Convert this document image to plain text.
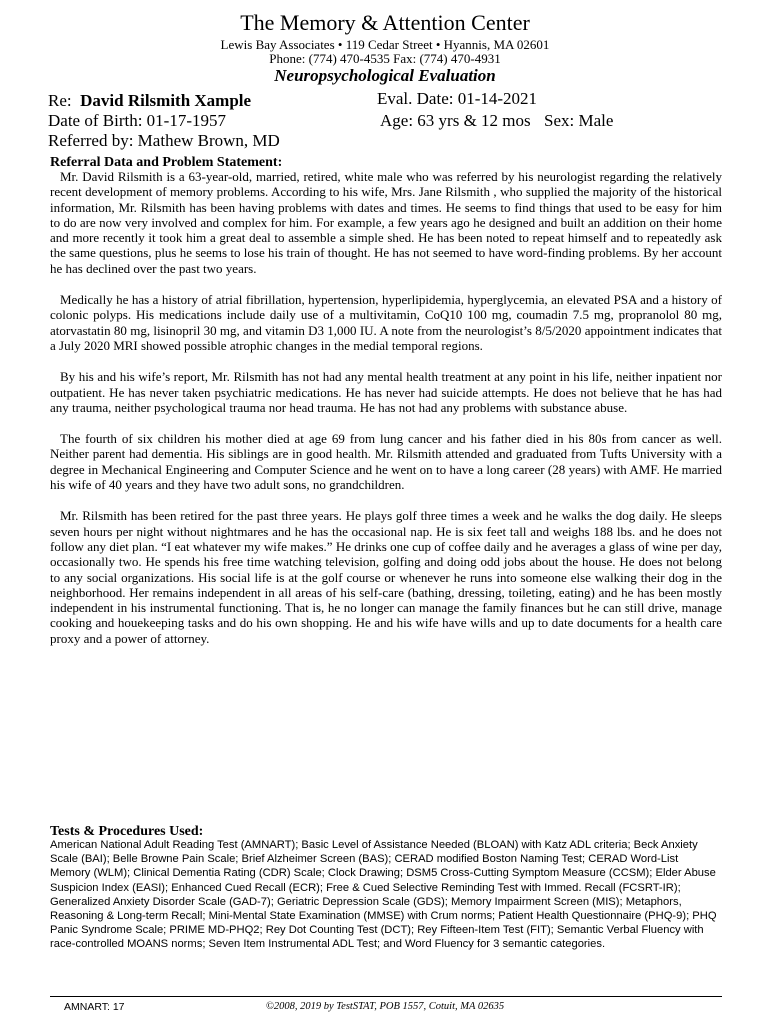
The Memory & Attention Center
Lewis Bay Associates • 119 Cedar Street • Hyannis, MA 02601
Phone: (774) 470-4535 Fax: (774) 470-4931
Neuropsychological Evaluation
Re: David Rilsmith Xample
Date of Birth: 01-17-1957
Referred by: Mathew Brown, MD
Eval. Date: 01-14-2021
Age: 63 yrs & 12 mos Sex: Male
Referral Data and Problem Statement:

Mr. David Rilsmith is a 63-year-old, married, retired, white male who was referred by his neurologist regarding the relatively recent development of memory problems. According to his wife, Mrs. Jane Rilsmith , who supplied the majority of the historical information, Mr. Rilsmith has been having problems with dates and times. He seems to find things that used to be easy for him to do are now very involved and complex for him. For example, a few years ago he designed and built an addition on their home and more recently it took him a great deal to assemble a simple shed. He has been noted to repeat himself and to repeatedly ask the same questions, plus he seems to lose his train of thought. He has not seemed to have word-finding problems. By her account he has declined over the past two years.

Medically he has a history of atrial fibrillation, hypertension, hyperlipidemia, hyperglycemia, an elevated PSA and a history of colonic polyps. His medications include daily use of a multivitamin, CoQ10 100 mg, coumadin 7.5 mg, propranolol 80 mg, atorvastatin 80 mg, lisinopril 30 mg, and vitamin D3 1,000 IU. A note from the neurologist’s 8/5/2020 appointment indicates that a July 2020 MRI showed possible atrophic changes in the medial temporal regions.

By his and his wife’s report, Mr. Rilsmith has not had any mental health treatment at any point in his life, neither inpatient nor outpatient. He has never taken psychiatric medications. He has never had suicide attempts. He does not believe that he has had any trauma, neither psychological trauma nor head trauma. He has not had any problems with substance abuse.

The fourth of six children his mother died at age 69 from lung cancer and his father died in his 80s from cancer as well. Neither parent had dementia. His siblings are in good health. Mr. Rilsmith attended and graduated from Tufts University with a degree in Mechanical Engineering and Computer Science and he went on to have a long career (28 years) with AMF. He married his wife of 40 years and they have two adult sons, no grandchildren.

Mr. Rilsmith has been retired for the past three years. He plays golf three times a week and he walks the dog daily. He sleeps seven hours per night without nightmares and he has the occasional nap. He is six feet tall and weighs 188 lbs. and he does not follow any diet plan. “I eat whatever my wife makes.” He drinks one cup of coffee daily and he averages a glass of wine per day, occasionally two. He spends his free time watching television, golfing and doing odd jobs about the house. He does not belong to any social organizations. His social life is at the golf course or whenever he runs into someone else walking their dog in the neighborhood. Her remains independent in all areas of his self-care (bathing, dressing, toileting, eating) and he has been mostly independent in his instrumental functioning. That is, he no longer can manage the family finances but he can still drive, manage cooking and houekeeping tasks and do his own shopping. He and his wife have wills and up to date documents for a health care proxy and a power of attorney.

Tests & Procedures Used:
American National Adult Reading Test (AMNART); Basic Level of Assistance Needed (BLOAN) with Katz ADL criteria; Beck Anxiety Scale (BAI); Belle Browne Pain Scale; Brief Alzheimer Screen (BAS); CERAD modified Boston Naming Test; CERAD Word-List Memory (WLM); Clinical Dementia Rating (CDR) Scale; Clock Drawing; DSM5 Cross-Cutting Symptom Measure (CCSM); Elder Abuse Suspicion Index (EASI); Enhanced Cued Recall (ECR); Free & Cued Selective Reminding Test with Immed. Recall (FCSRT-IR); Generalized Anxiety Disorder Scale (GAD-7); Geriatric Depression Scale (GDS); Memory Impairment Screen (MIS); Metaphors, Reasoning & Long-term Recall; Mini-Mental State Examination (MMSE) with Crum norms; Patient Health Questionnaire (PHQ-9); PHQ Panic Syndrome Scale; PRIME MD-PHQ2; Rey Dot Counting Test (DCT); Rey Fifteen-Item Test (FIT); Semantic Verbal Fluency with race-controlled MOANS norms; Seven Item Instrumental ADL Test; and Word Fluency for 3 semantic categories.
AMNART: 17	©2008, 2019 by TestSTAT, POB 1557, Cotuit, MA 02635
